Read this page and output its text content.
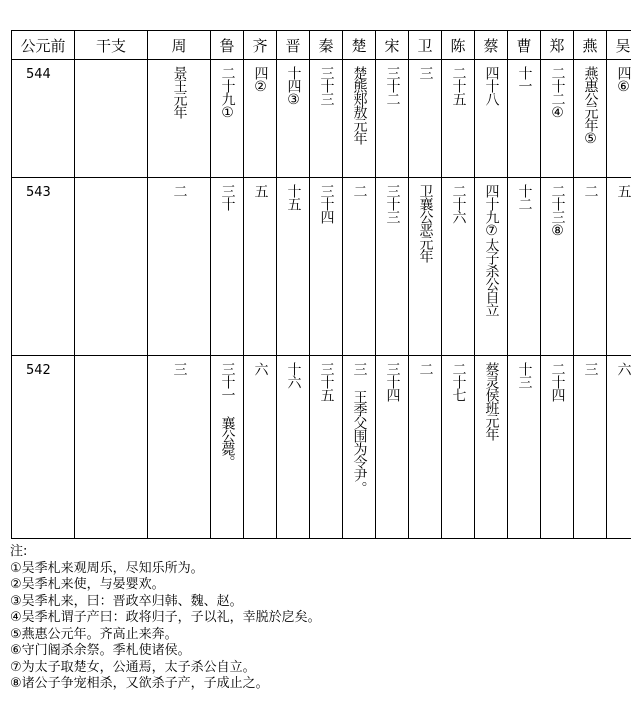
公元前	干支	周	鲁	齐	晋	秦	楚	宋	卫	陈	蔡	曹	郑	燕	吴
544		景王元年	二十九①	四②	十四③	三十三	楚熊郏敖元年	三十二	三	二十五	四十八	十一	二十二④	燕惠公元年⑤	四⑥

543		二	三十	五	十五	三十四	二	三十三	卫襄公恶元年	二十六	四十九⑦太子杀公自立	十二	二十三⑧	二	五

542		三	三十一 襄公薨。	六	十六	三十五	三 王季父围为令尹。	三十四	二	二十七	蔡灵侯班元年	十三	二十四	三	六
注:
①吴季札来观周乐，尽知乐所为。
②吴季札来使，与晏婴欢。
③吴季札来，曰：晋政卒归韩、魏、赵。
④吴季札谓子产曰：政将归子，子以礼，幸脱於戹矣。
⑤燕惠公元年。齐高止来奔。
⑥守门阍杀余祭。季札使诸侯。
⑦为太子取楚女，公通焉，太子杀公自立。
⑧诸公子争宠相杀，又欲杀子产，子成止之。
